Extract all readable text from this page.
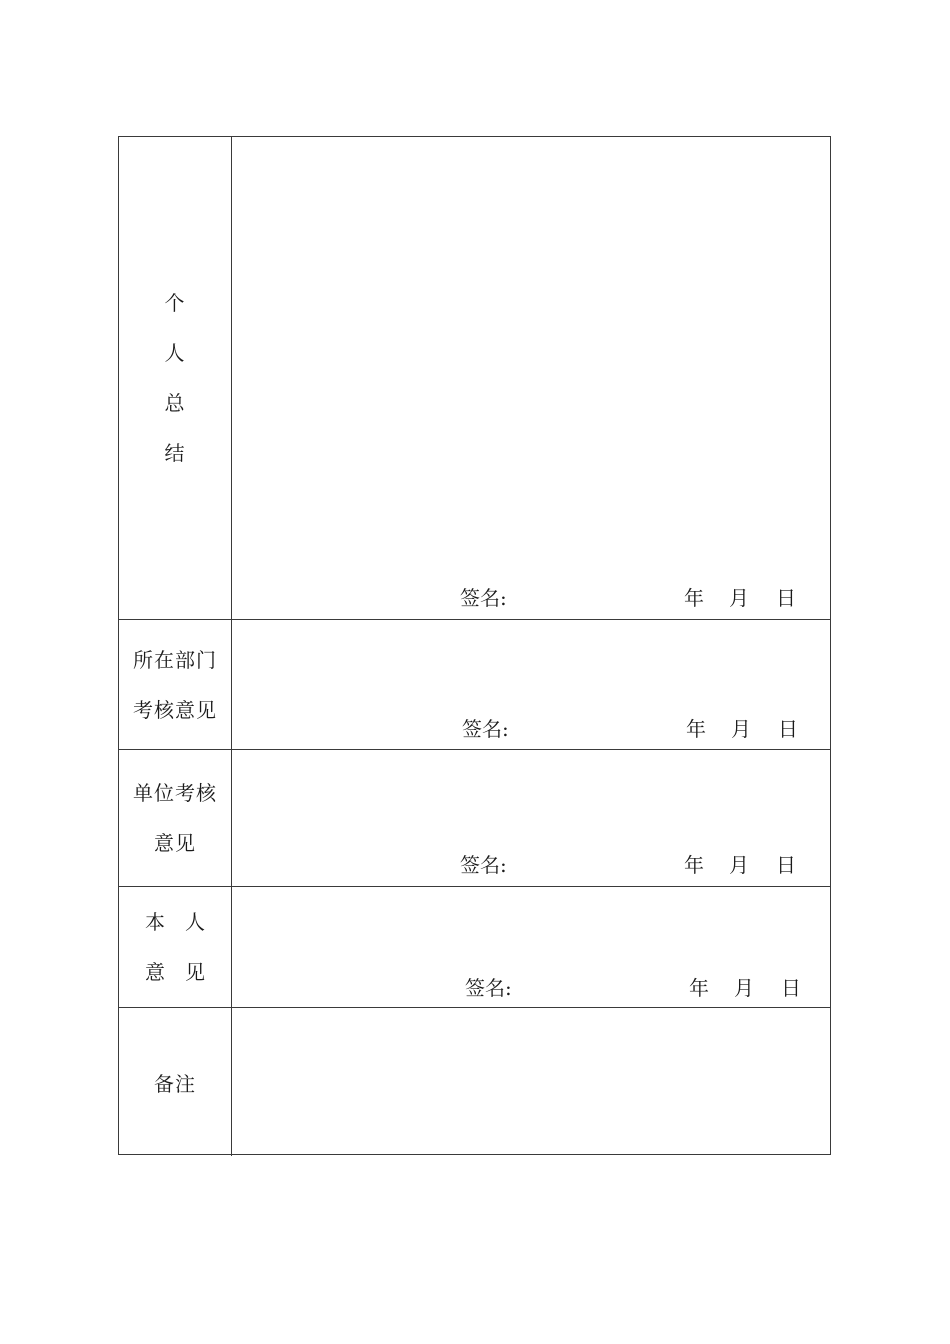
个
人
总
结
签名:	年 月 日
所在部门
考核意见
签名:	年 月 日
单位考核
意见
签名:	年 月 日
本　人
意　见
签名:	年 月 日
备注
